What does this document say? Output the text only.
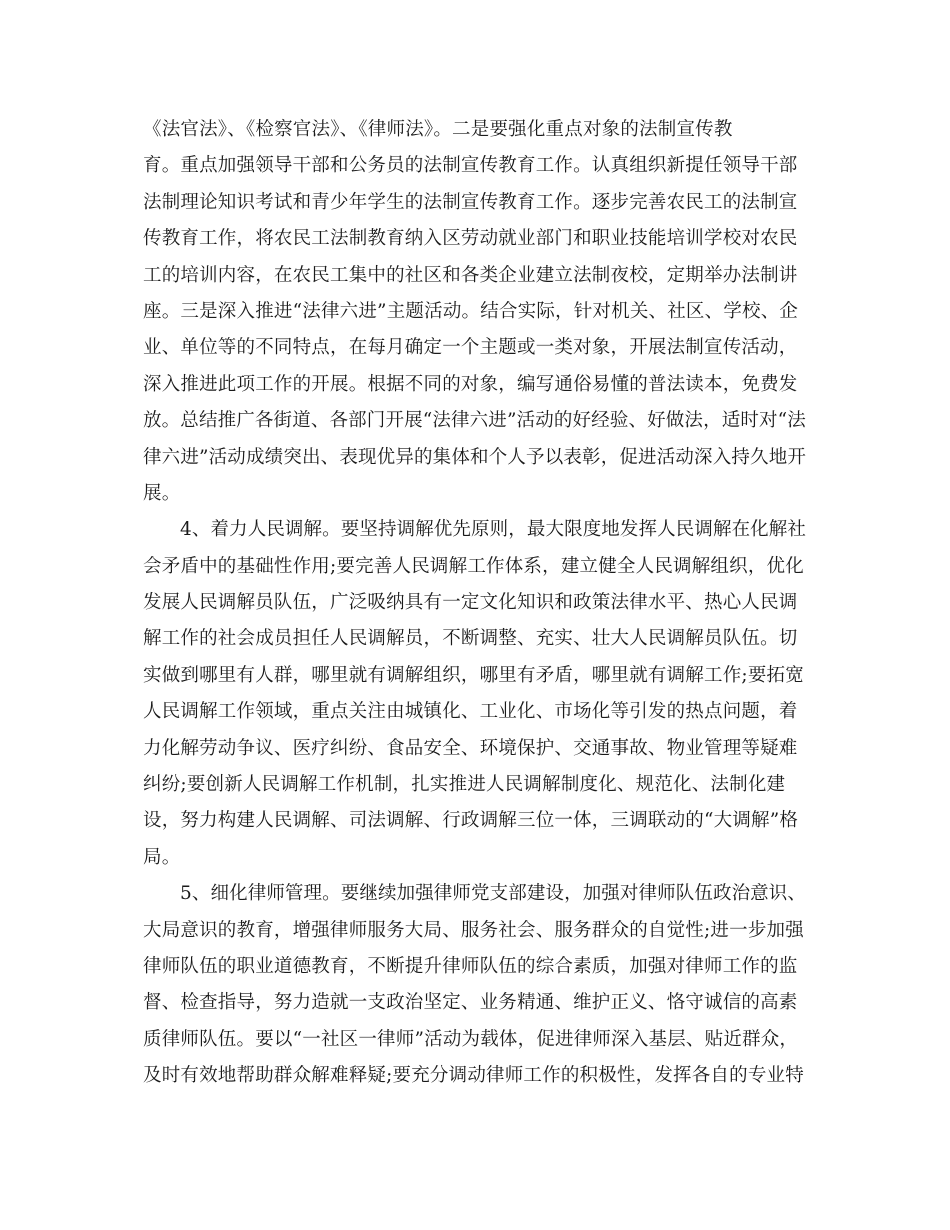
《法官法》、《检察官法》、《律师法》。二是要强化重点对象的法制宣传教
育。重点加强领导干部和公务员的法制宣传教育工作。认真组织新提任领导干部
法制理论知识考试和青少年学生的法制宣传教育工作。逐步完善农民工的法制宣
传教育工作，将农民工法制教育纳入区劳动就业部门和职业技能培训学校对农民
工的培训内容，在农民工集中的社区和各类企业建立法制夜校，定期举办法制讲
座。三是深入推进“法律六进”主题活动。结合实际，针对机关、社区、学校、企
业、单位等的不同特点，在每月确定一个主题或一类对象，开展法制宣传活动，
深入推进此项工作的开展。根据不同的对象，编写通俗易懂的普法读本，免费发
放。总结推广各街道、各部门开展“法律六进”活动的好经验、好做法，适时对“法
律六进”活动成绩突出、表现优异的集体和个人予以表彰，促进活动深入持久地开
展。
4、着力人民调解。要坚持调解优先原则，最大限度地发挥人民调解在化解社
会矛盾中的基础性作用;要完善人民调解工作体系，建立健全人民调解组织，优化
发展人民调解员队伍，广泛吸纳具有一定文化知识和政策法律水平、热心人民调
解工作的社会成员担任人民调解员，不断调整、充实、壮大人民调解员队伍。切
实做到哪里有人群，哪里就有调解组织，哪里有矛盾，哪里就有调解工作;要拓宽
人民调解工作领域，重点关注由城镇化、工业化、市场化等引发的热点问题，着
力化解劳动争议、医疗纠纷、食品安全、环境保护、交通事故、物业管理等疑难
纠纷;要创新人民调解工作机制，扎实推进人民调解制度化、规范化、法制化建
设，努力构建人民调解、司法调解、行政调解三位一体，三调联动的“大调解”格
局。
5、细化律师管理。要继续加强律师党支部建设，加强对律师队伍政治意识、
大局意识的教育，增强律师服务大局、服务社会、服务群众的自觉性;进一步加强
律师队伍的职业道德教育，不断提升律师队伍的综合素质，加强对律师工作的监
督、检查指导，努力造就一支政治坚定、业务精通、维护正义、恪守诚信的高素
质律师队伍。要以“一社区一律师”活动为载体，促进律师深入基层、贴近群众，
及时有效地帮助群众解难释疑;要充分调动律师工作的积极性，发挥各自的专业特
